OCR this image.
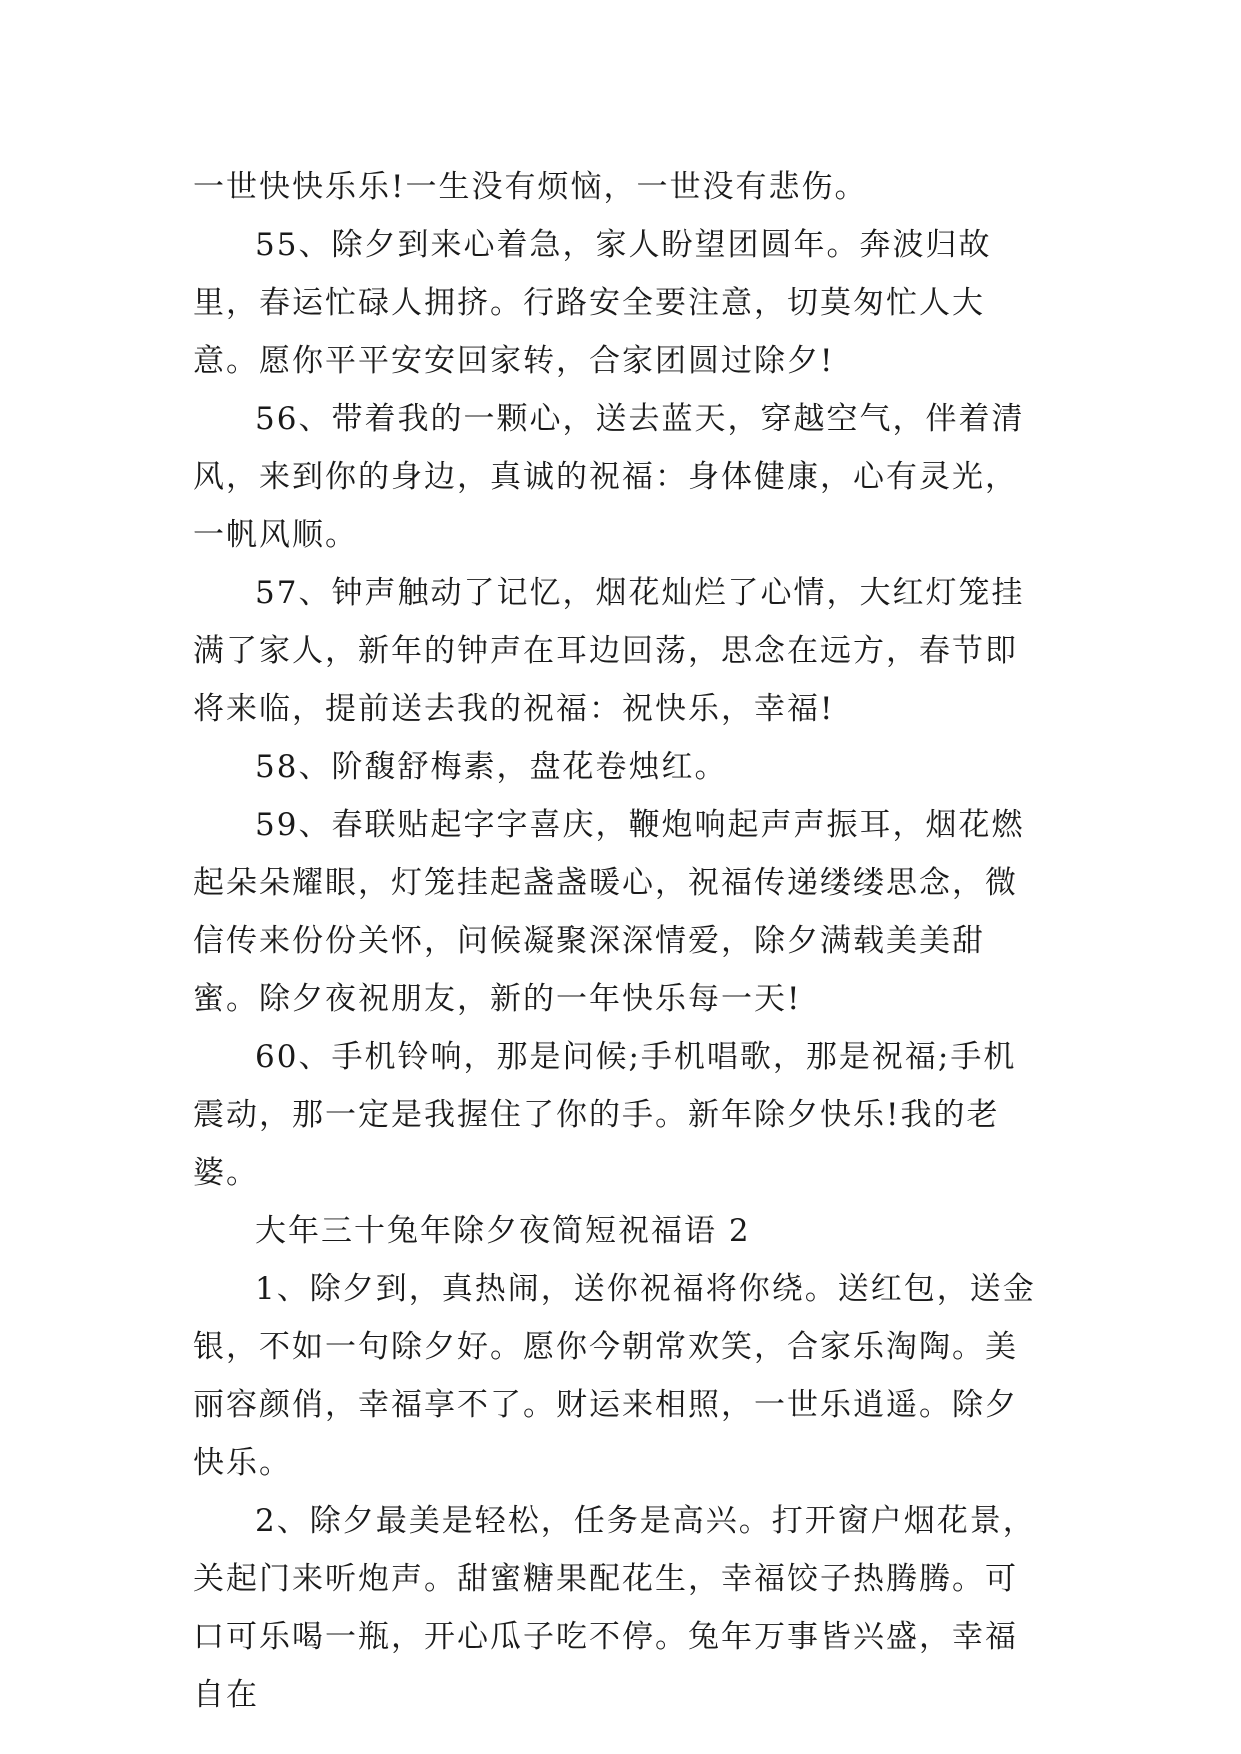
一世快快乐乐!一生没有烦恼，一世没有悲伤。

55、除夕到来心着急，家人盼望团圆年。奔波归故里，春运忙碌人拥挤。行路安全要注意，切莫匆忙人大意。愿你平平安安回家转，合家团圆过除夕!

56、带着我的一颗心，送去蓝天，穿越空气，伴着清风，来到你的身边，真诚的祝福：身体健康，心有灵光，一帆风顺。

57、钟声触动了记忆，烟花灿烂了心情，大红灯笼挂满了家人，新年的钟声在耳边回荡，思念在远方，春节即将来临，提前送去我的祝福：祝快乐，幸福!

58、阶馥舒梅素，盘花卷烛红。

59、春联贴起字字喜庆，鞭炮响起声声振耳，烟花燃起朵朵耀眼，灯笼挂起盏盏暖心，祝福传递缕缕思念，微信传来份份关怀，问候凝聚深深情爱，除夕满载美美甜蜜。除夕夜祝朋友，新的一年快乐每一天!

60、手机铃响，那是问候;手机唱歌，那是祝福;手机震动，那一定是我握住了你的手。新年除夕快乐!我的老婆。

大年三十兔年除夕夜简短祝福语 2

1、除夕到，真热闹，送你祝福将你绕。送红包，送金银，不如一句除夕好。愿你今朝常欢笑，合家乐淘陶。美丽容颜俏，幸福享不了。财运来相照，一世乐逍遥。除夕快乐。

2、除夕最美是轻松，任务是高兴。打开窗户烟花景，关起门来听炮声。甜蜜糖果配花生，幸福饺子热腾腾。可口可乐喝一瓶，开心瓜子吃不停。兔年万事皆兴盛，幸福自在
